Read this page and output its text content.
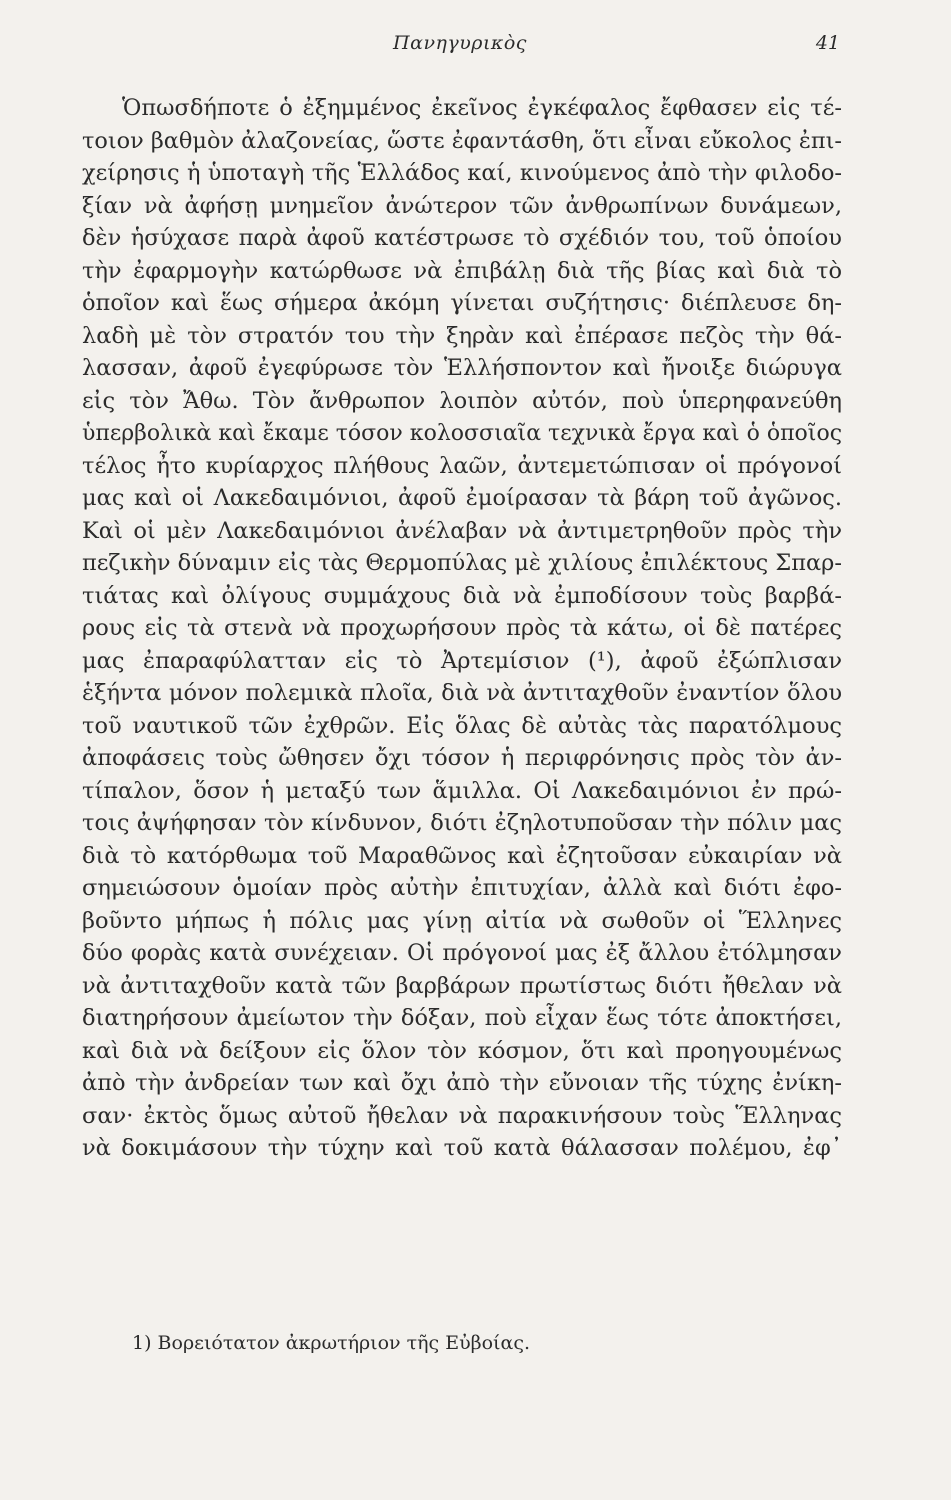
Πανηγυρικὸς	41
Ὁπωσδήποτε ὁ ἐξημμένος ἐκεῖνος ἐγκέφαλος ἔφθασεν εἰς τέ-
τοιον βαθμὸν ἀλαζονείας, ὥστε ἐφαντάσθη, ὅτι εἶναι εὔκολος ἐπι-
χείρησις ἡ ὑποταγὴ τῆς Ἑλλάδος καί, κινούμενος ἀπὸ τὴν φιλοδο-
ξίαν νὰ ἀφήσῃ μνημεῖον ἀνώτερον τῶν ἀνθρωπίνων δυνάμεων,
δὲν ἡσύχασε παρὰ ἀφοῦ κατέστρωσε τὸ σχέδιόν του, τοῦ ὁποίου
τὴν ἐφαρμογὴν κατώρθωσε νὰ ἐπιβάλῃ διὰ τῆς βίας καὶ διὰ τὸ
ὁποῖον καὶ ἕως σήμερα ἀκόμη γίνεται συζήτησις· διέπλευσε δη-
λαδὴ μὲ τὸν στρατόν του τὴν ξηρὰν καὶ ἐπέρασε πεζὸς τὴν θά-
λασσαν, ἀφοῦ ἐγεφύρωσε τὸν Ἑλλήσποντον καὶ ἤνοιξε διώρυγα
εἰς τὸν Ἄθω. Τὸν ἄνθρωπον λοιπὸν αὐτόν, ποὺ ὑπερηφανεύθη
ὑπερβολικὰ καὶ ἔκαμε τόσον κολοσσιαῖα τεχνικὰ ἔργα καὶ ὁ ὁποῖος
τέλος ἦτο κυρίαρχος πλήθους λαῶν, ἀντεμετώπισαν οἱ πρόγονοί
μας καὶ οἱ Λακεδαιμόνιοι, ἀφοῦ ἐμοίρασαν τὰ βάρη τοῦ ἀγῶνος.
Καὶ οἱ μὲν Λακεδαιμόνιοι ἀνέλαβαν νὰ ἀντιμετρηθοῦν πρὸς τὴν
πεζικὴν δύναμιν εἰς τὰς Θερμοπύλας μὲ χιλίους ἐπιλέκτους Σπαρ-
τιάτας καὶ ὀλίγους συμμάχους διὰ νὰ ἐμποδίσουν τοὺς βαρβά-
ρους εἰς τὰ στενὰ νὰ προχωρήσουν πρὸς τὰ κάτω, οἱ δὲ πατέρες
μας ἐπαραφύλατταν εἰς τὸ Ἀρτεμίσιον (¹), ἀφοῦ ἐξώπλισαν
ἑξήντα μόνον πολεμικὰ πλοῖα, διὰ νὰ ἀντιταχθοῦν ἐναντίον ὅλου
τοῦ ναυτικοῦ τῶν ἐχθρῶν. Εἰς ὅλας δὲ αὐτὰς τὰς παρατόλμους
ἀποφάσεις τοὺς ὤθησεν ὄχι τόσον ἡ περιφρόνησις πρὸς τὸν ἀν-
τίπαλον, ὅσον ἡ μεταξύ των ἅμιλλα. Οἱ Λακεδαιμόνιοι ἐν πρώ-
τοις ἀψήφησαν τὸν κίνδυνον, διότι ἐζηλοτυποῦσαν τὴν πόλιν μας
διὰ τὸ κατόρθωμα τοῦ Μαραθῶνος καὶ ἐζητοῦσαν εὐκαιρίαν νὰ
σημειώσουν ὁμοίαν πρὸς αὐτὴν ἐπιτυχίαν, ἀλλὰ καὶ διότι ἐφο-
βοῦντο μήπως ἡ πόλις μας γίνῃ αἰτία νὰ σωθοῦν οἱ Ἕλληνες
δύο φορὰς κατὰ συνέχειαν. Οἱ πρόγονοί μας ἐξ ἄλλου ἐτόλμησαν
νὰ ἀντιταχθοῦν κατὰ τῶν βαρβάρων πρωτίστως διότι ἤθελαν νὰ
διατηρήσουν ἀμείωτον τὴν δόξαν, ποὺ εἶχαν ἕως τότε ἀποκτήσει,
καὶ διὰ νὰ δείξουν εἰς ὅλον τὸν κόσμον, ὅτι καὶ προηγουμένως
ἀπὸ τὴν ἀνδρείαν των καὶ ὄχι ἀπὸ τὴν εὔνοιαν τῆς τύχης ἐνίκη-
σαν· ἐκτὸς ὅμως αὐτοῦ ἤθελαν νὰ παρακινήσουν τοὺς Ἕλληνας
νὰ δοκιμάσουν τὴν τύχην καὶ τοῦ κατὰ θάλασσαν πολέμου, ἐφ᾽
1) Βορειότατον ἀκρωτήριον τῆς Εὐβοίας.
